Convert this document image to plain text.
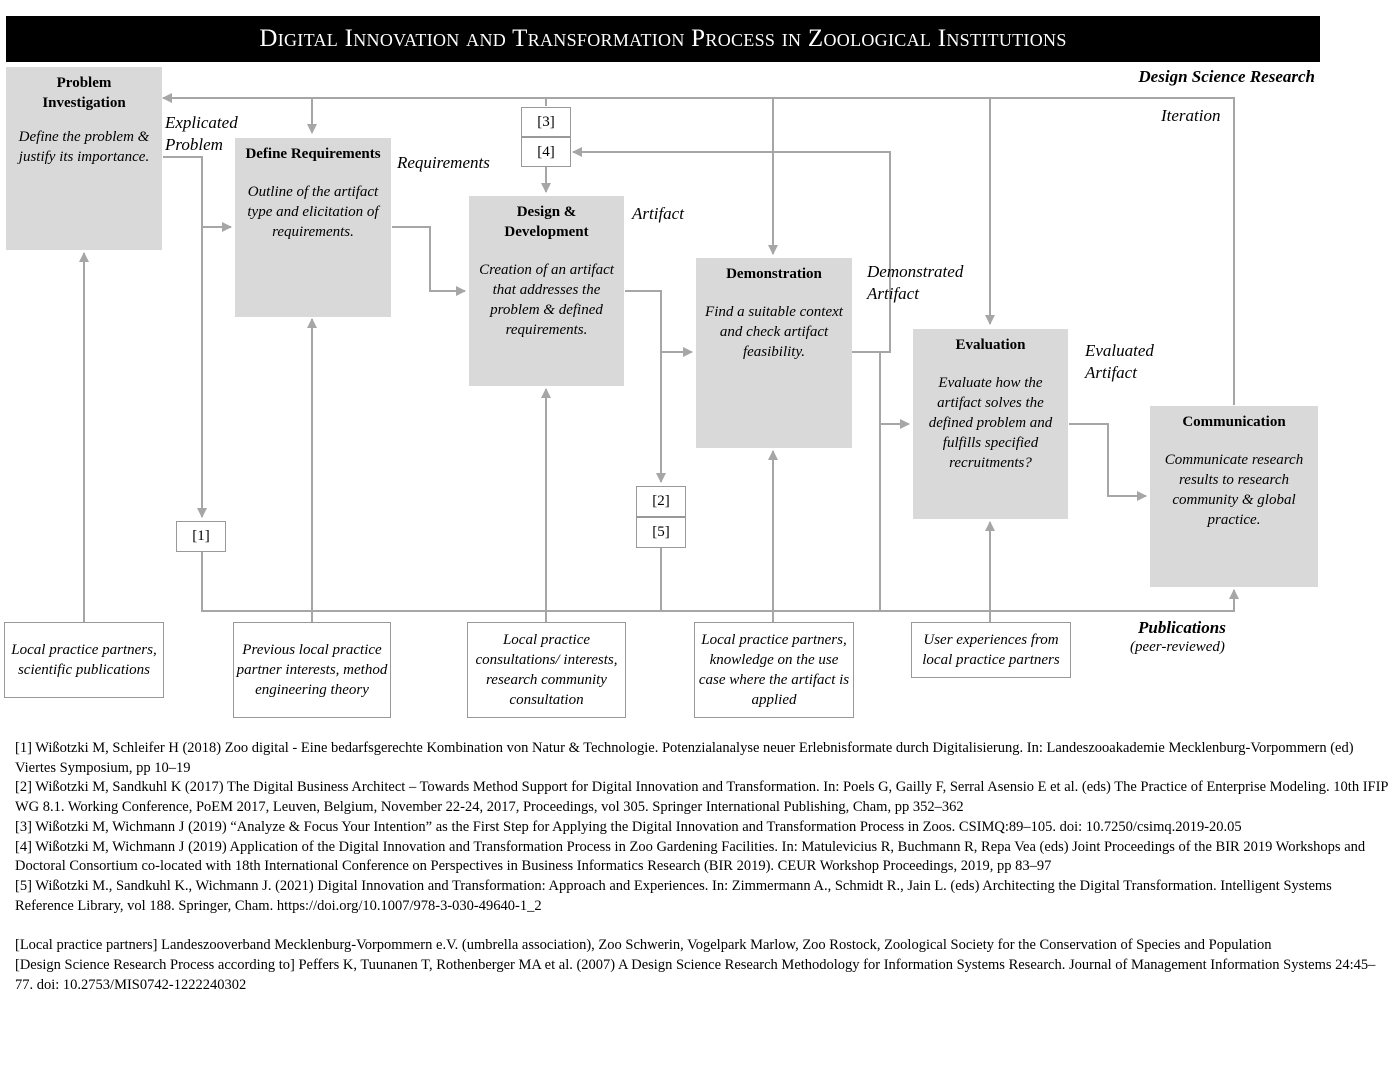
Digital Innovation and Transformation Process in Zoological Institutions
Design Science Research
Iteration
Problem Investigation
Define the problem & justify its importance.	Define Requirements
Outline of the artifact type and elicitation of requirements.
Design & Development
Creation of an artifact that addresses the problem & defined requirements.
Demonstration
Find a suitable context and check artifact feasibility.	Evaluation
Evaluate how the artifact solves the defined problem and fulfills specified recruitments?
Communication
Communicate research results to research community & global practice.
Explicated Problem
Requirements
Artifact
Demonstrated Artifact
Evaluated Artifact
[3]
[4]
[1]
[2]
[5]
Publications
(peer-reviewed)
Local practice partners, scientific publications
Previous local practice partner interests, method engineering theory
Local practice consultations/ interests, research community consultation
Local practice partners, knowledge on the use case where the artifact is applied
User experiences from local practice partners

[1] Wißotzki M, Schleifer H (2018) Zoo digital - Eine bedarfsgerechte Kombination von Natur & Technologie. Potenzialanalyse neuer Erlebnisformate durch Digitalisierung. In: Landeszooakademie Mecklenburg-Vorpommern (ed) Viertes Symposium, pp 10–19

[2] Wißotzki M, Sandkuhl K (2017) The Digital Business Architect – Towards Method Support for Digital Innovation and Transformation. In: Poels G, Gailly F, Serral Asensio E et al. (eds) The Practice of Enterprise Modeling. 10th IFIP WG 8.1. Working Conference, PoEM 2017, Leuven, Belgium, November 22-24, 2017, Proceedings, vol 305. Springer International Publishing, Cham, pp 352–362

[3] Wißotzki M, Wichmann J (2019) “Analyze & Focus Your Intention” as the First Step for Applying the Digital Innovation and Transformation Process in Zoos. CSIMQ:89–105. doi: 10.7250/csimq.2019-20.05

[4] Wißotzki M, Wichmann J (2019) Application of the Digital Innovation and Transformation Process in Zoo Gardening Facilities. In: Matulevicius R, Buchmann R, Repa Vea (eds) Joint Proceedings of the BIR 2019 Workshops and Doctoral Consortium co-located with 18th International Conference on Perspectives in Business Informatics Research (BIR 2019). CEUR Workshop Proceedings, 2019, pp 83–97

[5] Wißotzki M., Sandkuhl K., Wichmann J. (2021) Digital Innovation and Transformation: Approach and Experiences. In: Zimmermann A., Schmidt R., Jain L. (eds) Architecting the Digital Transformation. Intelligent Systems Reference Library, vol 188. Springer, Cham. https://doi.org/10.1007/978-3-030-49640-1_2

[Local practice partners] Landeszooverband Mecklenburg-Vorpommern e.V. (umbrella association), Zoo Schwerin, Vogelpark Marlow, Zoo Rostock, Zoological Society for the Conservation of Species and Population

[Design Science Research Process according to] Peffers K, Tuunanen T, Rothenberger MA et al. (2007) A Design Science Research Methodology for Information Systems Research. Journal of Management Information Systems 24:45–77. doi: 10.2753/MIS0742-1222240302
